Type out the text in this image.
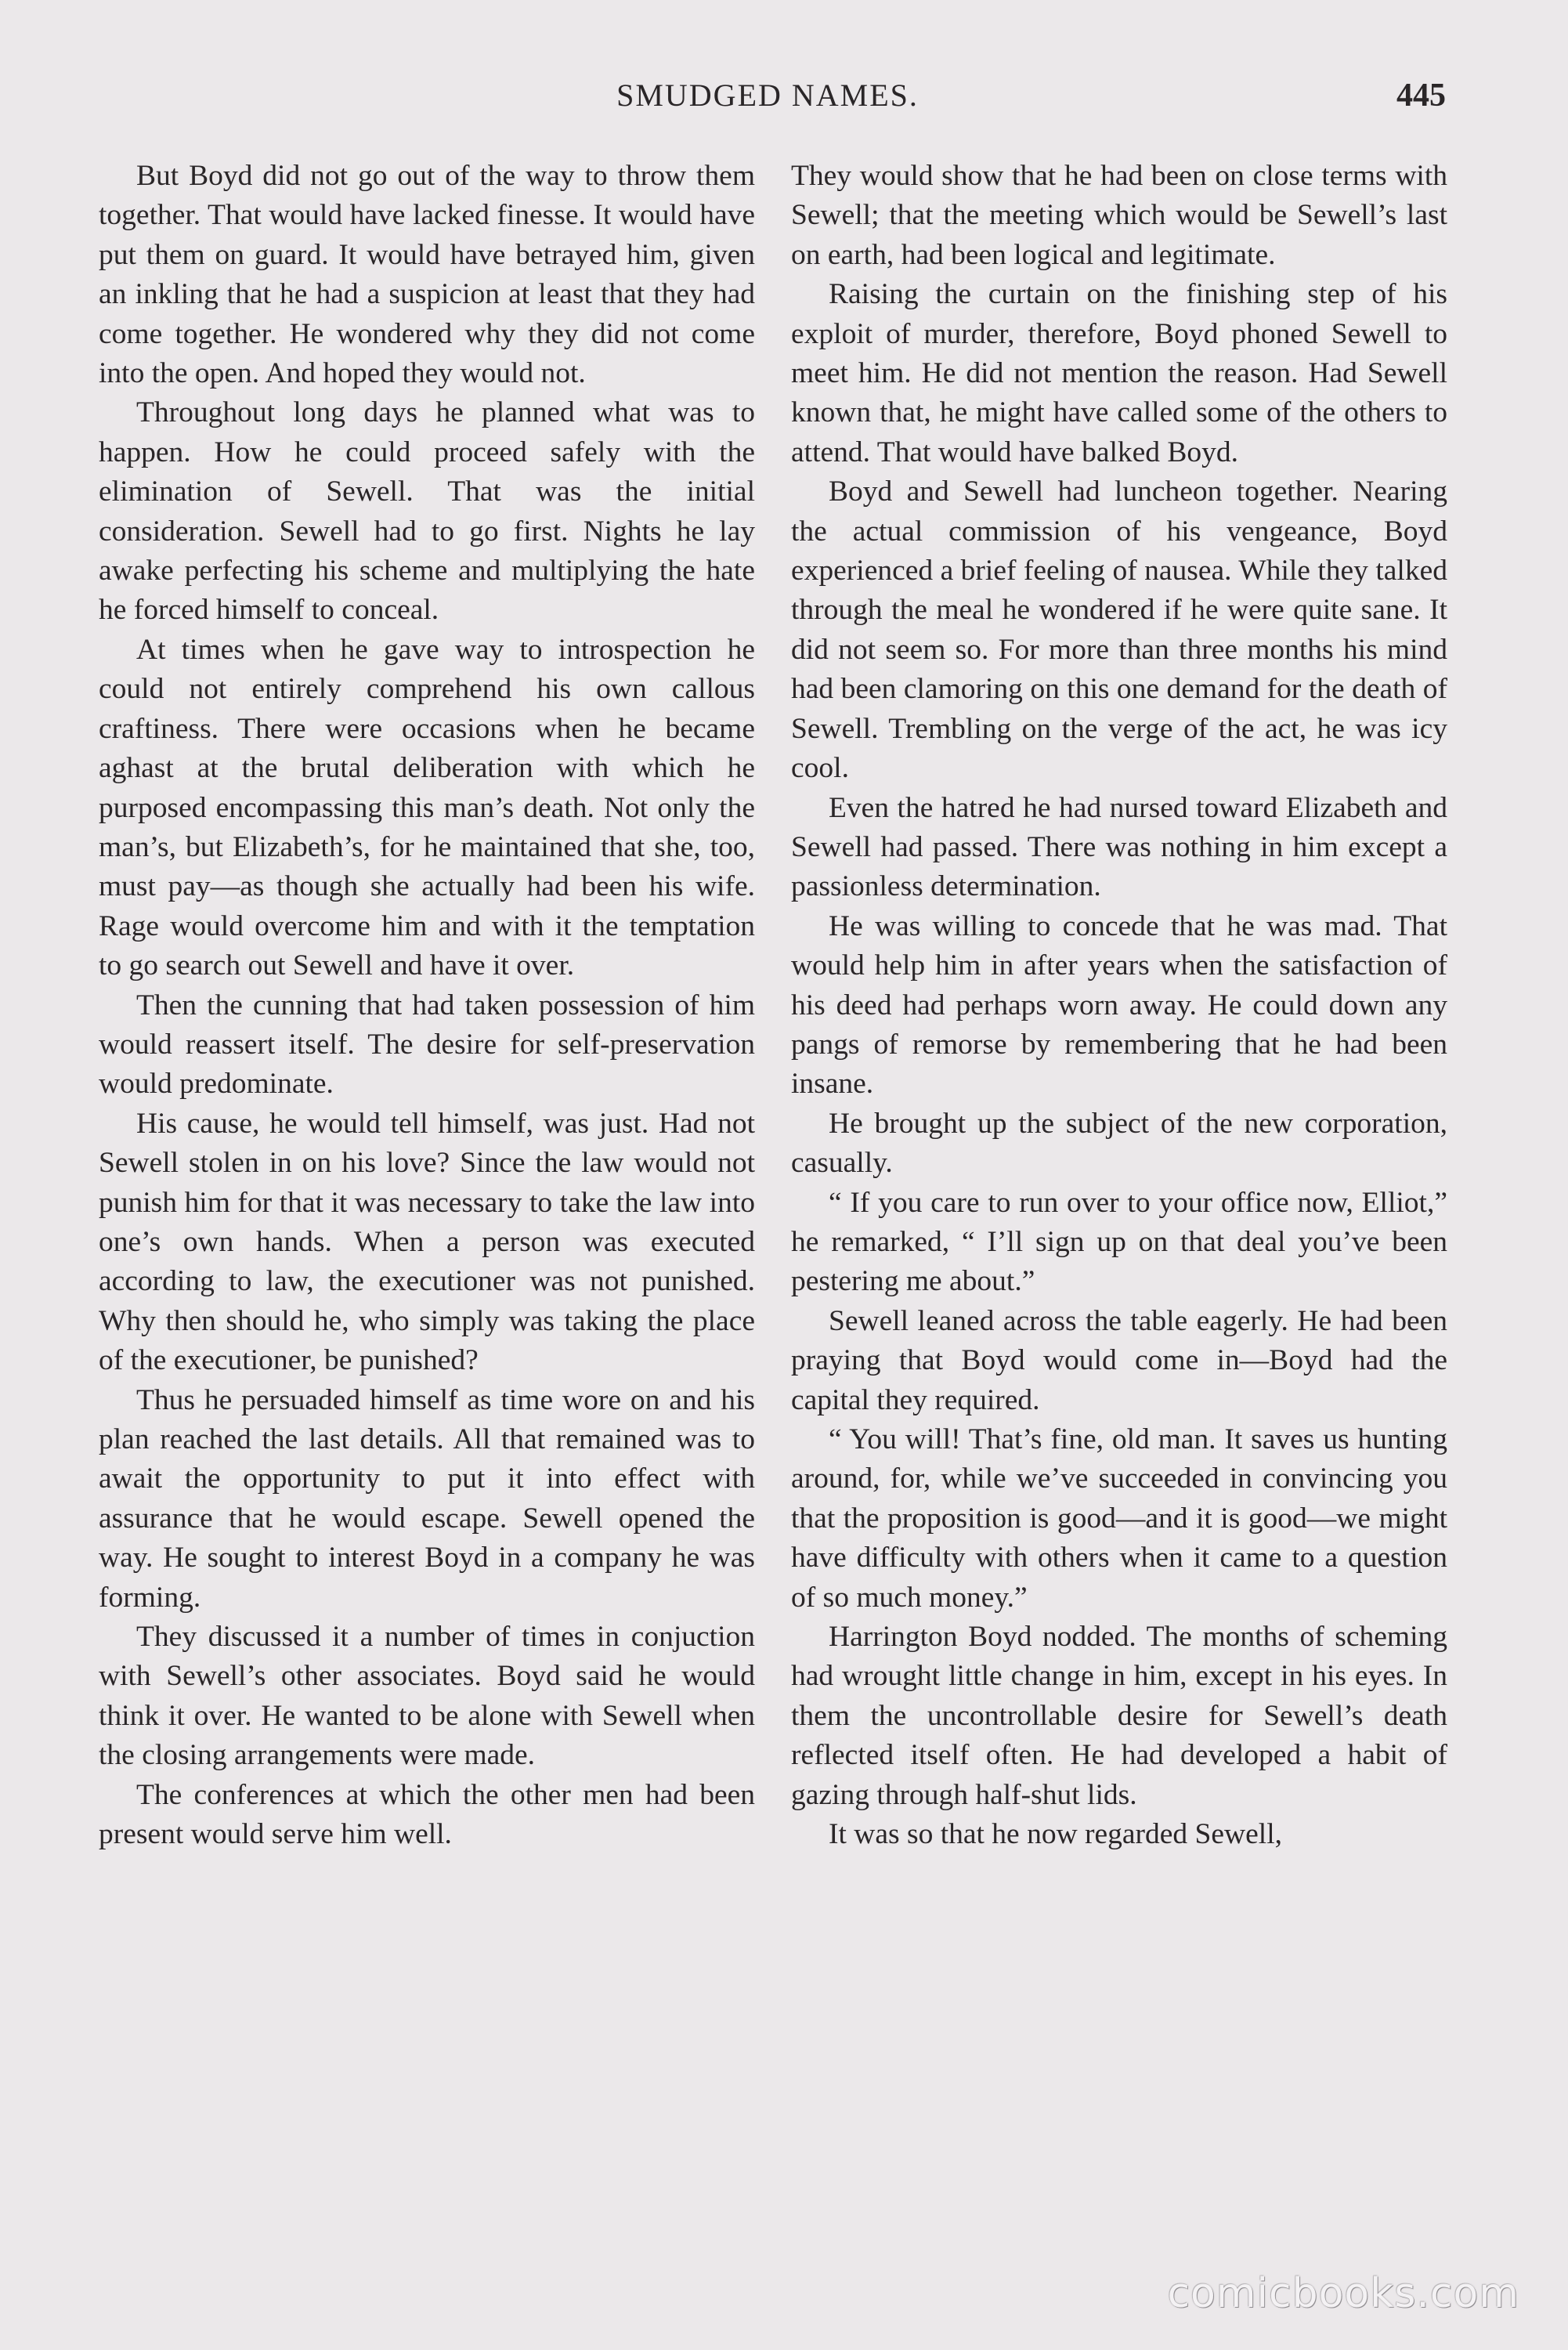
SMUDGED NAMES.	445

But Boyd did not go out of the way to throw them together. That would have lacked finesse. It would have put them on guard. It would have betrayed him, given an inkling that he had a suspicion at least that they had come together. He wondered why they did not come into the open. And hoped they would not.

Throughout long days he planned what was to happen. How he could proceed safely with the elimination of Sewell. That was the initial consideration. Sewell had to go first. Nights he lay awake perfecting his scheme and multiplying the hate he forced himself to conceal.

At times when he gave way to introspection he could not entirely comprehend his own callous craftiness. There were occasions when he became aghast at the brutal deliberation with which he purposed encompassing this man’s death. Not only the man’s, but Elizabeth’s, for he maintained that she, too, must pay—as though she actually had been his wife. Rage would overcome him and with it the temptation to go search out Sewell and have it over.

Then the cunning that had taken possession of him would reassert itself. The desire for self-preservation would predominate.

His cause, he would tell himself, was just. Had not Sewell stolen in on his love? Since the law would not punish him for that it was necessary to take the law into one’s own hands. When a person was executed according to law, the executioner was not punished. Why then should he, who simply was taking the place of the executioner, be punished?

Thus he persuaded himself as time wore on and his plan reached the last details. All that remained was to await the opportunity to put it into effect with assurance that he would escape. Sewell opened the way. He sought to interest Boyd in a company he was forming.

They discussed it a number of times in conjuction with Sewell’s other associates. Boyd said he would think it over. He wanted to be alone with Sewell when the closing arrangements were made.

The conferences at which the other men had been present would serve him well.

They would show that he had been on close terms with Sewell; that the meeting which would be Sewell’s last on earth, had been logical and legitimate.

Raising the curtain on the finishing step of his exploit of murder, therefore, Boyd phoned Sewell to meet him. He did not mention the reason. Had Sewell known that, he might have called some of the others to attend. That would have balked Boyd.

Boyd and Sewell had luncheon together. Nearing the actual commission of his vengeance, Boyd experienced a brief feeling of nausea. While they talked through the meal he wondered if he were quite sane. It did not seem so. For more than three months his mind had been clamoring on this one demand for the death of Sewell. Trembling on the verge of the act, he was icy cool.

Even the hatred he had nursed toward Elizabeth and Sewell had passed. There was nothing in him except a passionless determination.

He was willing to concede that he was mad. That would help him in after years when the satisfaction of his deed had perhaps worn away. He could down any pangs of remorse by remembering that he had been insane.

He brought up the subject of the new corporation, casually.

“ If you care to run over to your office now, Elliot,” he remarked, “ I’ll sign up on that deal you’ve been pestering me about.”

Sewell leaned across the table eagerly. He had been praying that Boyd would come in—Boyd had the capital they required.

“ You will! That’s fine, old man. It saves us hunting around, for, while we’ve succeeded in convincing you that the proposition is good—and it is good—we might have difficulty with others when it came to a question of so much money.”

Harrington Boyd nodded. The months of scheming had wrought little change in him, except in his eyes. In them the uncontrollable desire for Sewell’s death reflected itself often. He had developed a habit of gazing through half-shut lids.

It was so that he now regarded Sewell,

comicbooks.com
